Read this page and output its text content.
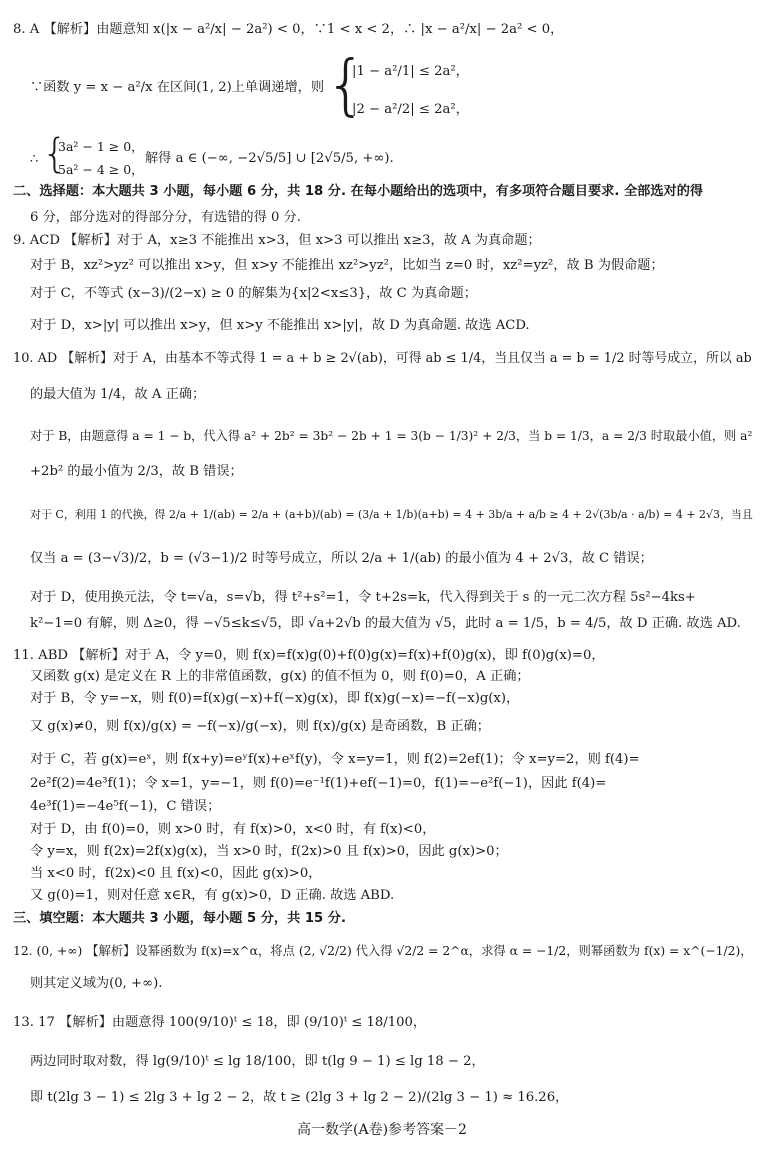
8. A 【解析】由题意知 x(|x − a²/x| − 2a²) < 0，∵1 < x < 2，∴ |x − a²/x| − 2a² < 0，
∵函数 y = x − a²/x 在区间(1, 2)上单调递增，则 {
|1 − a²/1| ≤ 2a²，
|2 − a²/2| ≤ 2a²，
∴ {
3a² − 1 ≥ 0，
5a² − 4 ≥ 0，
解得 a ∈ (−∞, −2√5/5] ∪ [2√5/5, +∞).
二、选择题：本大题共 3 小题，每小题 6 分，共 18 分. 在每小题给出的选项中，有多项符合题目要求. 全部选对的得
6 分，部分选对的得部分分，有选错的得 0 分.
9. ACD 【解析】对于 A，x≥3 不能推出 x>3，但 x>3 可以推出 x≥3，故 A 为真命题；
对于 B，xz²>yz² 可以推出 x>y，但 x>y 不能推出 xz²>yz²，比如当 z=0 时，xz²=yz²，故 B 为假命题；
对于 C，不等式 (x−3)/(2−x) ≥ 0 的解集为{x|2<x≤3}，故 C 为真命题；
对于 D，x>|y| 可以推出 x>y，但 x>y 不能推出 x>|y|，故 D 为真命题. 故选 ACD.
10. AD 【解析】对于 A，由基本不等式得 1 = a + b ≥ 2√(ab)，可得 ab ≤ 1/4，当且仅当 a = b = 1/2 时等号成立，所以 ab
的最大值为 1/4，故 A 正确；
对于 B，由题意得 a = 1 − b，代入得 a² + 2b² = 3b² − 2b + 1 = 3(b − 1/3)² + 2/3，当 b = 1/3，a = 2/3 时取最小值，则 a²
+2b² 的最小值为 2/3，故 B 错误；
对于 C，利用 1 的代换，得 2/a + 1/(ab) = 2/a + (a+b)/(ab) = (3/a + 1/b)(a+b) = 4 + 3b/a + a/b ≥ 4 + 2√(3b/a · a/b) = 4 + 2√3，当且
仅当 a = (3−√3)/2，b = (√3−1)/2 时等号成立，所以 2/a + 1/(ab) 的最小值为 4 + 2√3，故 C 错误；
对于 D，使用换元法，令 t=√a，s=√b，得 t²+s²=1，令 t+2s=k，代入得到关于 s 的一元二次方程 5s²−4ks+
k²−1=0 有解，则 Δ≥0，得 −√5≤k≤√5，即 √a+2√b 的最大值为 √5，此时 a = 1/5，b = 4/5，故 D 正确. 故选 AD.
11. ABD 【解析】对于 A，令 y=0，则 f(x)=f(x)g(0)+f(0)g(x)=f(x)+f(0)g(x)，即 f(0)g(x)=0，
又函数 g(x) 是定义在 R 上的非常值函数，g(x) 的值不恒为 0，则 f(0)=0，A 正确；
对于 B，令 y=−x，则 f(0)=f(x)g(−x)+f(−x)g(x)，即 f(x)g(−x)=−f(−x)g(x)，
又 g(x)≠0，则 f(x)/g(x) = −f(−x)/g(−x)，则 f(x)/g(x) 是奇函数，B 正确；
对于 C，若 g(x)=eˣ，则 f(x+y)=eʸf(x)+eˣf(y)，令 x=y=1，则 f(2)=2ef(1)；令 x=y=2，则 f(4)=
2e²f(2)=4e³f(1)；令 x=1，y=−1，则 f(0)=e⁻¹f(1)+ef(−1)=0，f(1)=−e²f(−1)，因此 f(4)=
4e³f(1)=−4e⁵f(−1)，C 错误；
对于 D，由 f(0)=0，则 x>0 时，有 f(x)>0，x<0 时，有 f(x)<0，
令 y=x，则 f(2x)=2f(x)g(x)，当 x>0 时，f(2x)>0 且 f(x)>0，因此 g(x)>0；
当 x<0 时，f(2x)<0 且 f(x)<0，因此 g(x)>0，
又 g(0)=1，则对任意 x∈R，有 g(x)>0，D 正确. 故选 ABD.
三、填空题：本大题共 3 小题，每小题 5 分，共 15 分.
12. (0, +∞) 【解析】设幂函数为 f(x)=x^α，将点 (2, √2/2) 代入得 √2/2 = 2^α，求得 α = −1/2，则幂函数为 f(x) = x^(−1/2)，
则其定义域为(0, +∞).
13. 17 【解析】由题意得 100(9/10)ᵗ ≤ 18，即 (9/10)ᵗ ≤ 18/100，
两边同时取对数，得 lg(9/10)ᵗ ≤ lg 18/100，即 t(lg 9 − 1) ≤ lg 18 − 2，
即 t(2lg 3 − 1) ≤ 2lg 3 + lg 2 − 2，故 t ≥ (2lg 3 + lg 2 − 2)/(2lg 3 − 1) ≈ 16.26，
高一数学(A卷)参考答案－2
